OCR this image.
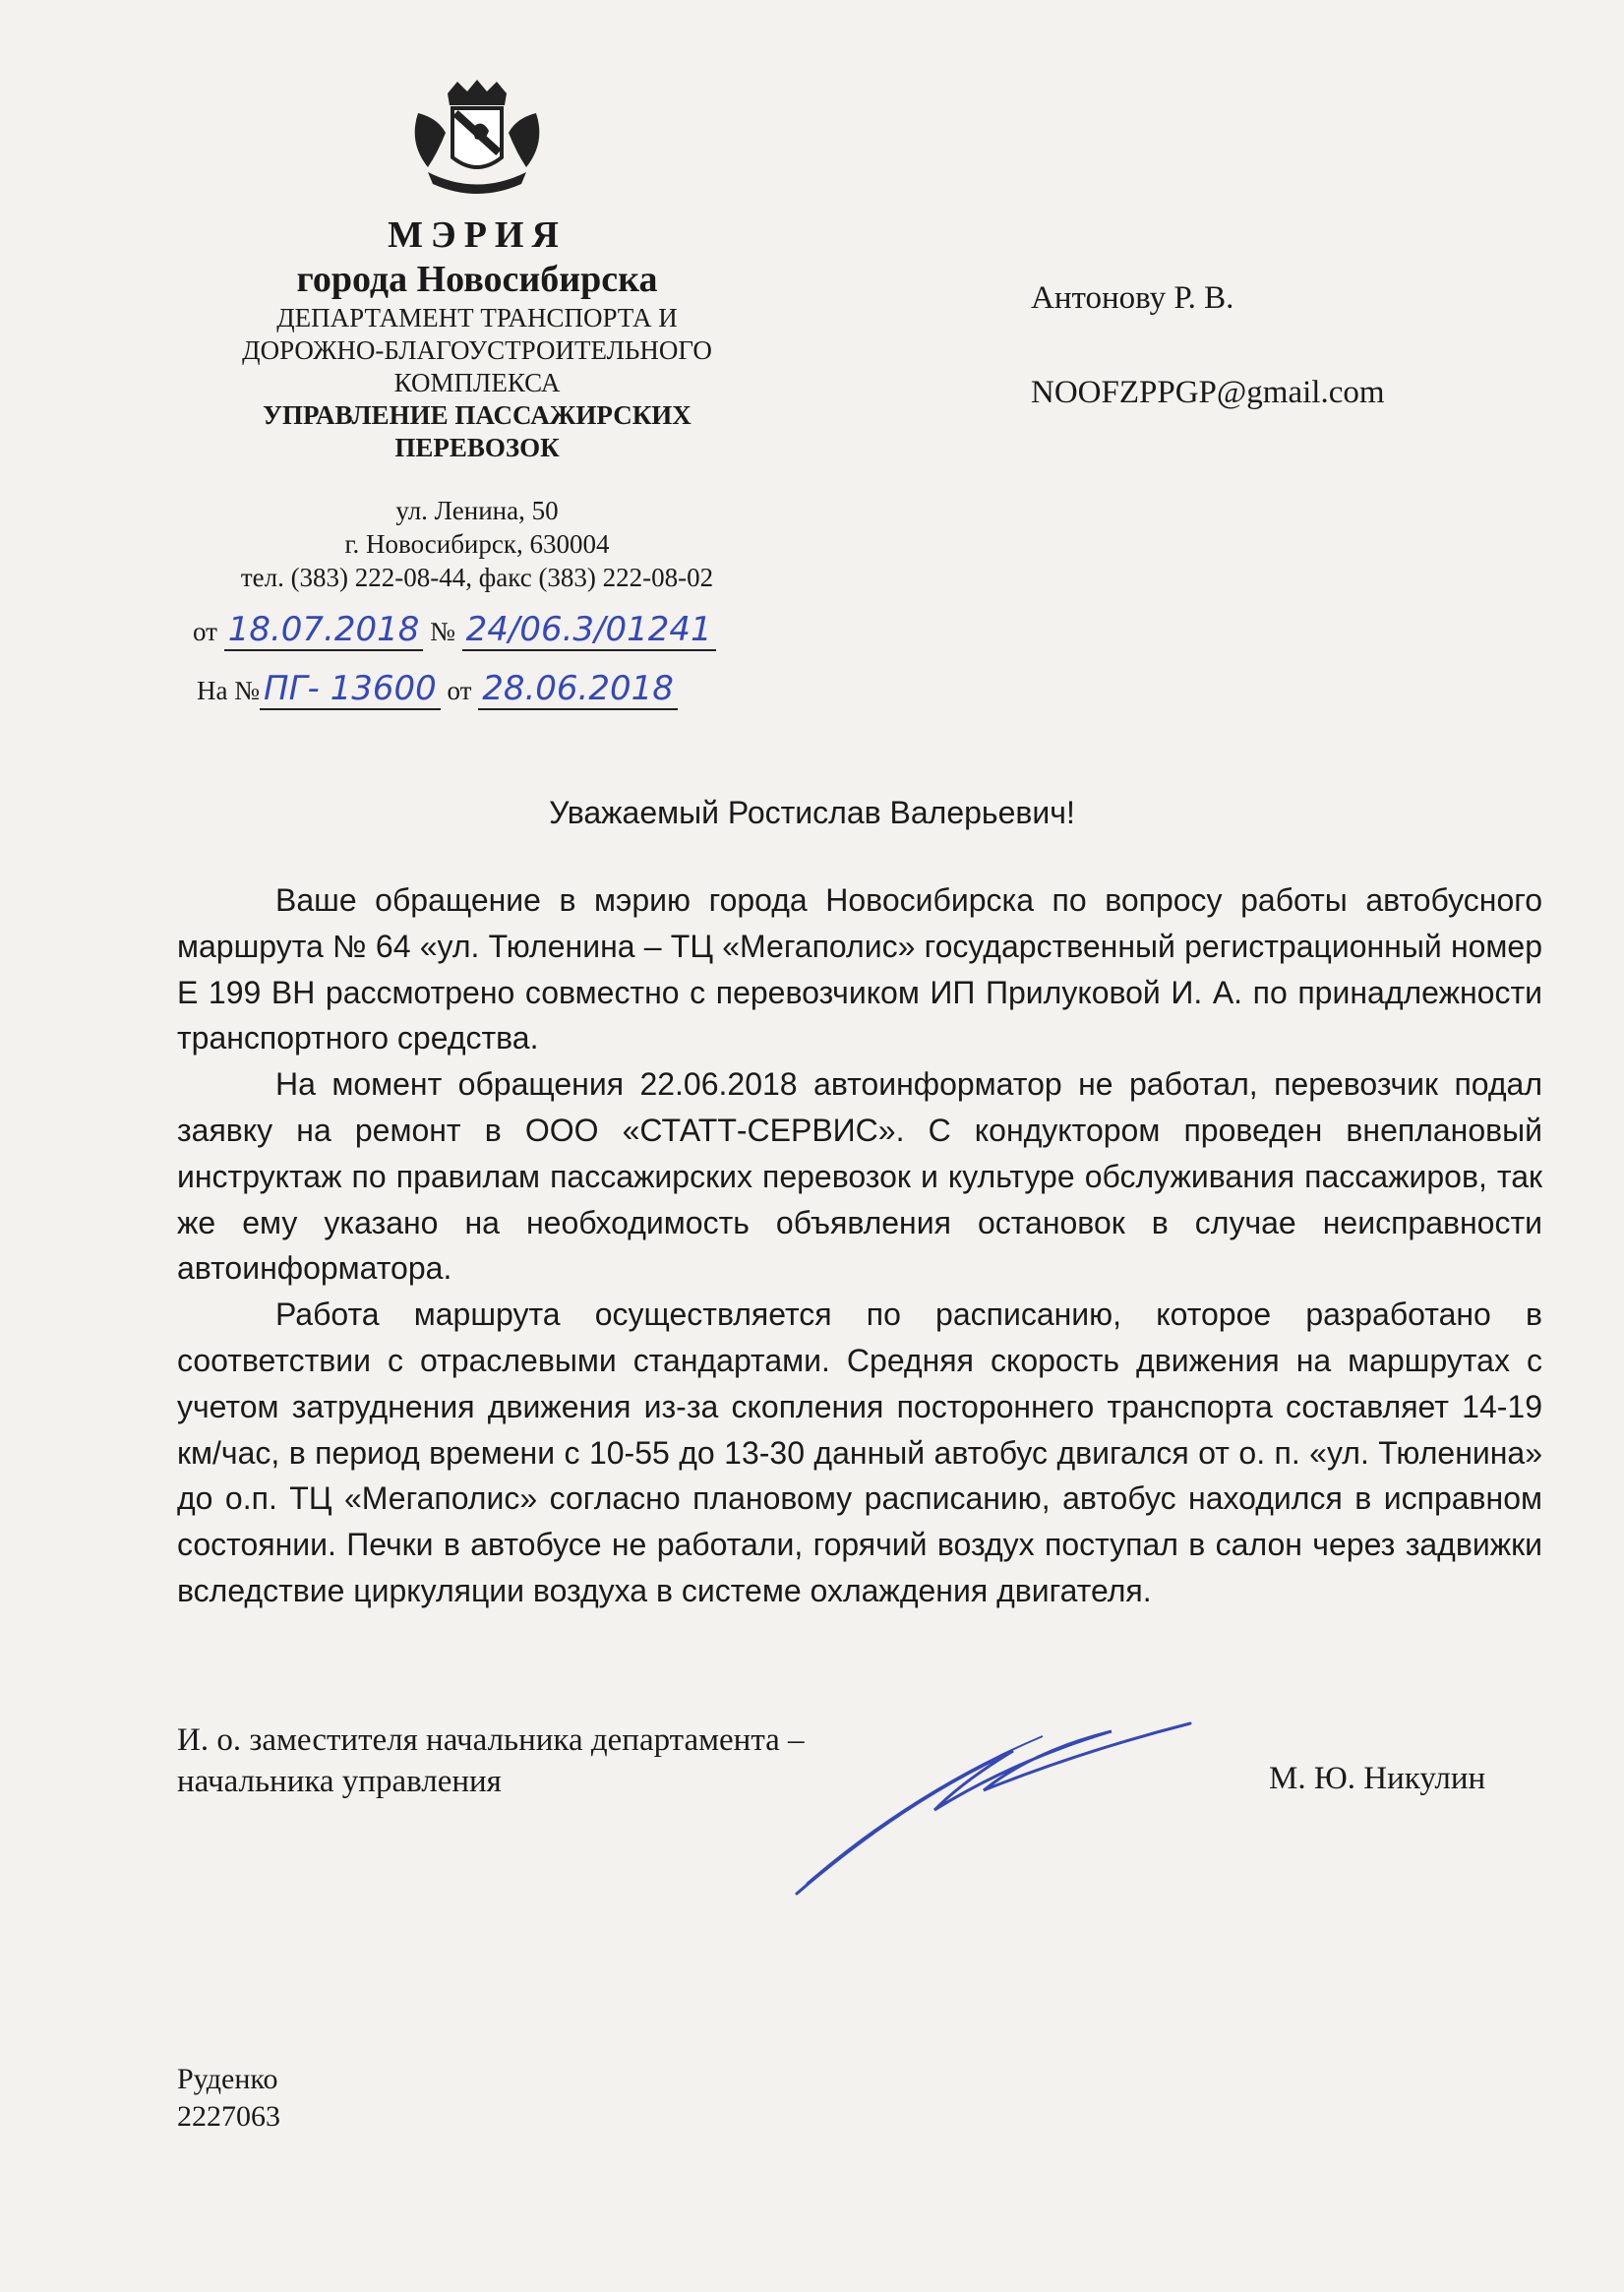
МЭРИЯ
города Новосибирска
ДЕПАРТАМЕНТ ТРАНСПОРТА И
ДОРОЖНО-БЛАГОУСТРОИТЕЛЬНОГО
КОМПЛЕКСА
УПРАВЛЕНИЕ ПАССАЖИРСКИХ
ПЕРЕВОЗОК
ул. Ленина, 50
г. Новосибирск, 630004
тел. (383) 222-08-44, факс (383) 222-08-02
от 18.07.2018 № 24/06.3/01241
На № ПГ- 13600 от 28.06.2018
Антонову Р. В.
NOOFZPPGP@gmail.com
Уважаемый Ростислав Валерьевич!

Ваше обращение в мэрию города Новосибирска по вопросу работы автобусного маршрута № 64 «ул. Тюленина – ТЦ «Мегаполис» государственный регистрационный номер Е 199 ВН рассмотрено совместно с перевозчиком ИП Прилуковой И. А. по принадлежности транспортного средства.

На момент обращения 22.06.2018 автоинформатор не работал, перевозчик подал заявку на ремонт в ООО «СТАТТ-СЕРВИС». С кондуктором проведен внеплановый инструктаж по правилам пассажирских перевозок и культуре обслуживания пассажиров, так же ему указано на необходимость объявления остановок в случае неисправности автоинформатора.

Работа маршрута осуществляется по расписанию, которое разработано в соответствии с отраслевыми стандартами. Средняя скорость движения на маршрутах с учетом затруднения движения из-за скопления постороннего транспорта составляет 14-19 км/час, в период времени с 10-55 до 13-30 данный автобус двигался от о. п. «ул. Тюленина» до о.п. ТЦ «Мегаполис» согласно плановому расписанию, автобус находился в исправном состоянии. Печки в автобусе не работали, горячий воздух поступал в салон через задвижки вследствие циркуляции воздуха в системе охлаждения двигателя.

И. о. заместителя начальника департамента –
начальника управления	М. Ю. Никулин
Руденко
2227063
